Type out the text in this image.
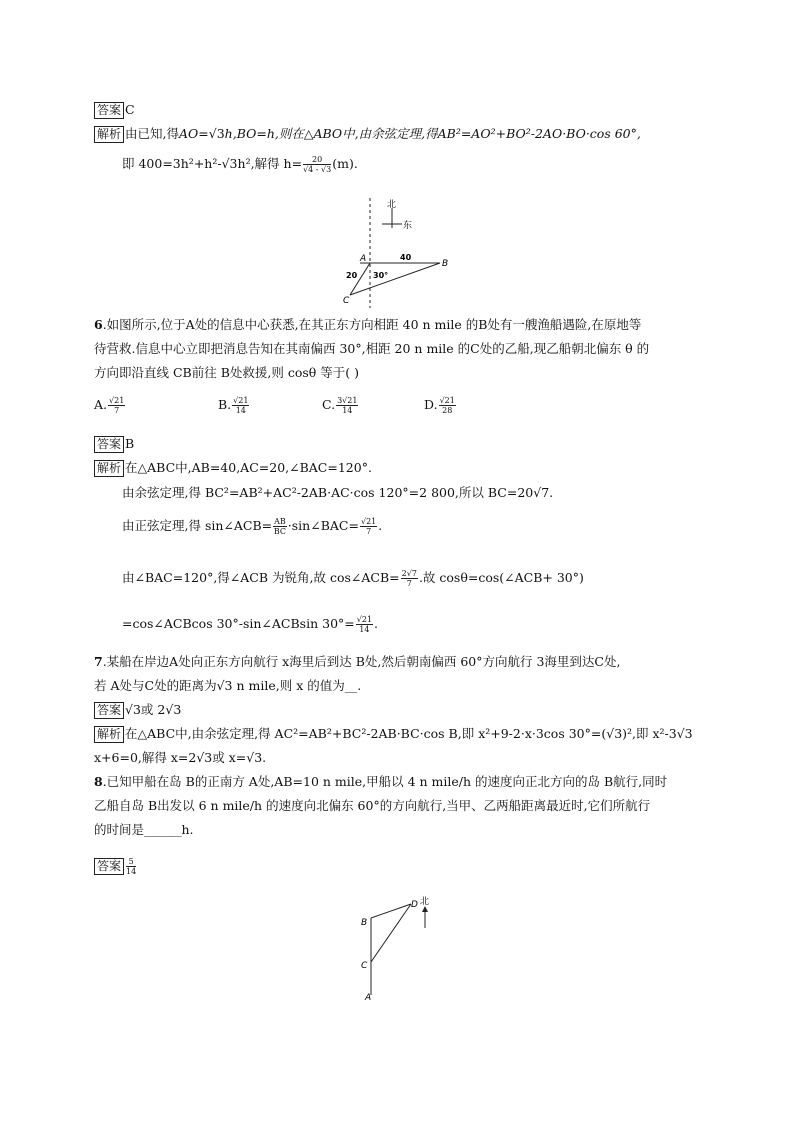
答案 C
解析 由已知,得AO=√3h,BO=h,则在△ABO中,由余弦定理,得AB²=AO²+BO²-2AO·BO·cos 60°,
即 400=3h²+h²-√3h²,解得 $h= \frac{20}{√4 - √3} (m)$.
北
东
A	B
C
40
20 30°
6.如图所示,位于A处的信息中心获悉,在其正东方向相距 40 n mile 的B处有一艘渔船遇险,在原地等
待营救.信息中心立即把消息告知在其南偏西 30°,相距 20 n mile 的C处的乙船,现乙船朝北偏东 θ 的
方向即沿直线 CB前往 B处救援,则 cosθ 等于( )
A. $\frac{√21}{7}$	B. $\frac{√21}{14}$	C. $\frac{3√21}{14}$	D. $\frac{√21}{28}$
答案 B
解析 在△ABC中,AB=40,AC=20,∠BAC=120°.
由余弦定理,得 BC²=AB²+AC²-2AB·AC·cos 120°=2 800,所以 BC=20√7.
由正弦定理,得 sin∠ACB= $\frac{AB}{BC}$ ·sin∠BAC= $\frac{√21}{7}$ .
由∠BAC=120°,得∠ACB 为锐角,故 cos∠ACB= $\frac{2√7}{7}$ .故 cosθ=cos(∠ACB+ 30°)
=cos∠ACBcos 30°-sin∠ACBsin $30^\circ= \frac{√21}{14}$ .
7.某船在岸边A处向正东方向航行 x海里后到达 B处,然后朝南偏西 60°方向航行 3海里到达C处,
若 A处与C处的距离为√3 n mile,则 x 的值为__.
答案 √3或 2√3
解析 在△ABC中,由余弦定理,得 AC²=AB²+BC²-2AB·BC·cos B,即 x²+9-2·x·3cos 30°=(√3)²,即 x²-3√3
x+6=0,解得 x=2√3或 x=√3.
8.已知甲船在岛 B的正南方 A处,AB=10 n mile,甲船以 4 n mile/h 的速度向正北方向的岛 B航行,同时
乙船自岛 B出发以 6 n mile/h 的速度向北偏东 60°的方向航行,当甲、乙两船距离最近时,它们所航行
的时间是______h.
答案 $\frac{5}{14}$
北
B
C
A
D
